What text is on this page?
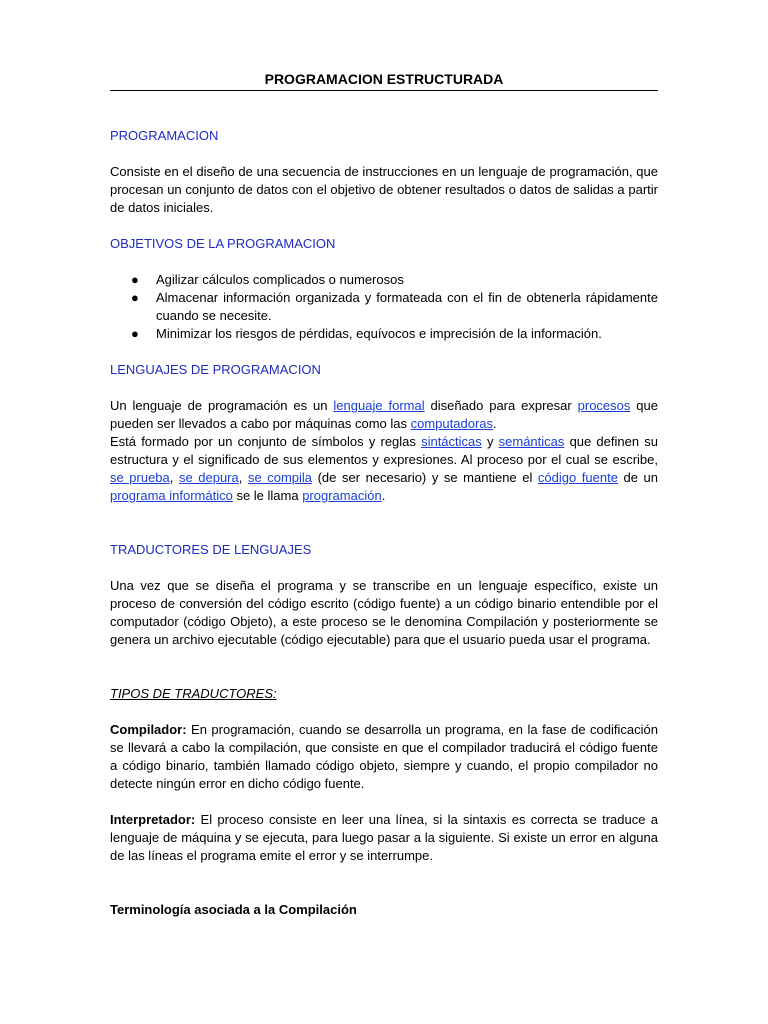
PROGRAMACION ESTRUCTURADA

PROGRAMACION

Consiste en el diseño de una secuencia de instrucciones en un lenguaje de programación, que procesan un conjunto de datos con el objetivo de obtener resultados o datos de salidas a partir de datos iniciales.

OBJETIVOS DE LA PROGRAMACION

● Agilizar cálculos complicados o numerosos
● Almacenar información organizada y formateada con el fin de obtenerla rápidamente cuando se necesite.
● Minimizar los riesgos de pérdidas, equívocos e imprecisión de la información.

LENGUAJES DE PROGRAMACION

Un lenguaje de programación es un lenguaje formal diseñado para expresar procesos que pueden ser llevados a cabo por máquinas como las computadoras.

Está formado por un conjunto de símbolos y reglas sintácticas y semánticas que definen su estructura y el significado de sus elementos y expresiones. Al proceso por el cual se escribe, se prueba, se depura, se compila (de ser necesario) y se mantiene el código fuente de un programa informático se le llama programación.

TRADUCTORES DE LENGUAJES

Una vez que se diseña el programa y se transcribe en un lenguaje específico, existe un proceso de conversión del código escrito (código fuente) a un código binario entendible por el computador (código Objeto), a este proceso se le denomina Compilación y posteriormente se genera un archivo ejecutable (código ejecutable) para que el usuario pueda usar el programa.

TIPOS DE TRADUCTORES:

Compilador: En programación, cuando se desarrolla un programa, en la fase de codificación se llevará a cabo la compilación, que consiste en que el compilador traducirá el código fuente a código binario, también llamado código objeto, siempre y cuando, el propio compilador no detecte ningún error en dicho código fuente.

Interpretador: El proceso consiste en leer una línea, si la sintaxis es correcta se traduce a lenguaje de máquina y se ejecuta, para luego pasar a la siguiente. Si existe un error en alguna de las líneas el programa emite el error y se interrumpe.

Terminología asociada a la Compilación
